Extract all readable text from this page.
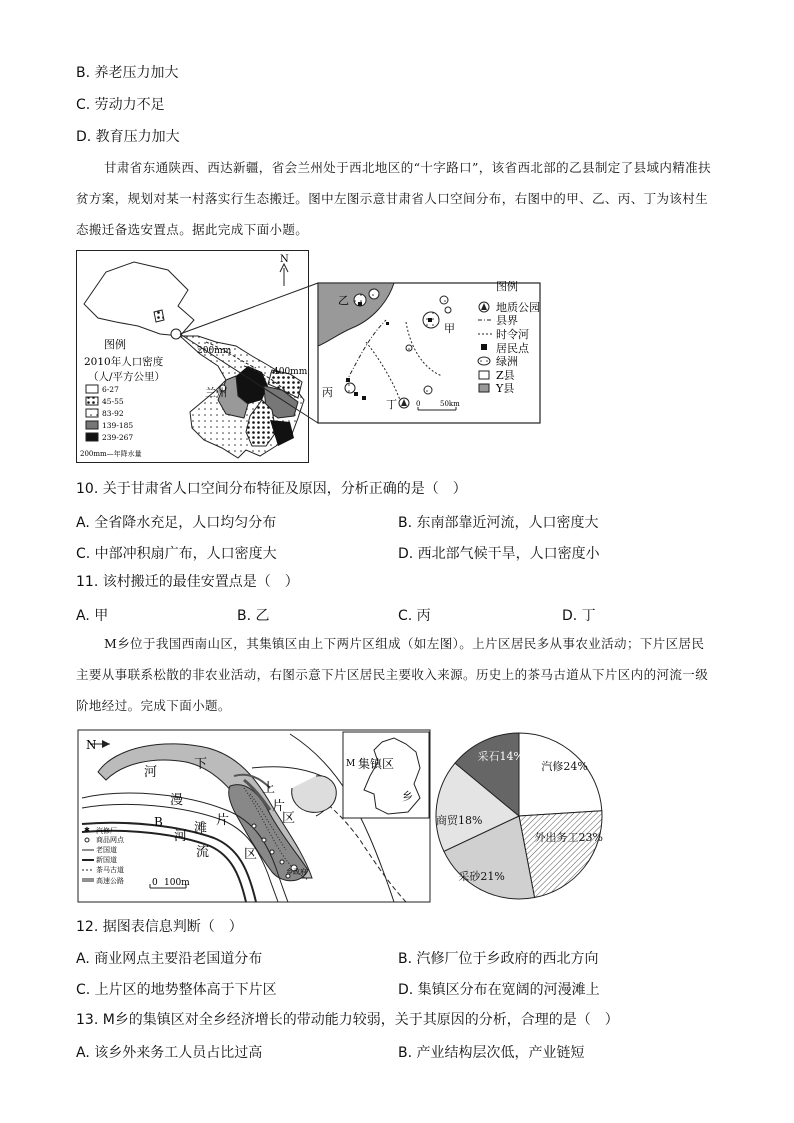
B. 养老压力加大
C. 劳动力不足
D. 教育压力加大
甘肃省东通陕西、西达新疆，省会兰州处于西北地区的“十字路口”，该省西北部的乙县制定了县域内精准扶贫方案，规划对某一村落实行生态搬迁。图中左图示意甘肃省人口空间分布，右图中的甲、乙、丙、丁为该村生态搬迁备选安置点。据此完成下面小题。
N
200mm
400mm
兰州
图例
2010年人口密度
（人/平方公里）
6-27
45-55
83-92
139-185
239-267
200mm—年降水量
乙
甲
丙
丁	0	50km
图例
地质公园
县界
时令河
居民点
绿洲
Z县
Y县
10. 关于甘肃省人口空间分布特征及原因，分析正确的是（　）
A. 全省降水充足，人口均匀分布	B. 东南部靠近河流，人口密度大
C. 中部冲积扇广布，人口密度大	D. 西北部气候干旱，人口密度小
11. 该村搬迁的最佳安置点是（　）
A. 甲	B. 乙	C. 丙	D. 丁
M乡位于我国西南山区，其集镇区由上下两片区组成（如左图）。上片区居民多从事农业活动；下片区居民主要从事联系松散的非农业活动，右图示意下片区居民主要收入来源。历史上的茶马古道从下片区内的河流一级阶地经过。完成下面小题。
N
河
漫
滩
下
片
区
上
片
区
B
河
流
乡政府
✱ 汽修厂
商品网点
老国道
新国道
茶马古道
高速公路	0 100m
M 集镇区
乡
汽修24%
外出务工23%
采砂21%
商贸18%
采石14%
12. 据图表信息判断（　）
A. 商业网点主要沿老国道分布	B. 汽修厂位于乡政府的西北方向
C. 上片区的地势整体高于下片区	D. 集镇区分布在宽阔的河漫滩上
13. M乡的集镇区对全乡经济增长的带动能力较弱，关于其原因的分析，合理的是（　）
A. 该乡外来务工人员占比过高	B. 产业结构层次低，产业链短
